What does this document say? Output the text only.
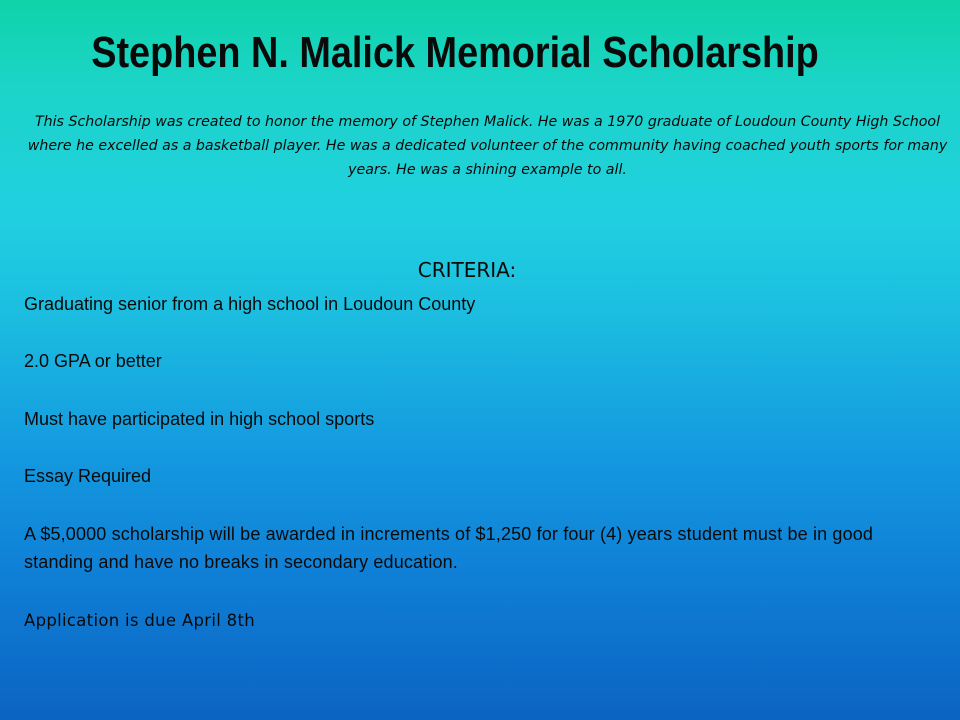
Stephen N. Malick Memorial Scholarship
This Scholarship was created to honor the memory of Stephen Malick. He was a 1970 graduate of Loudoun County High School where he excelled as a basketball player. He was a dedicated volunteer of the community having coached youth sports for many years. He was a shining example to all.
CRITERIA:
Graduating senior from a high school in Loudoun County
2.0 GPA or better
Must have participated in high school sports
Essay Required
A $5,0000 scholarship will be awarded in increments of $1,250 for four (4) years student must be in good standing and have no breaks in secondary education.
Application is due April 8th
